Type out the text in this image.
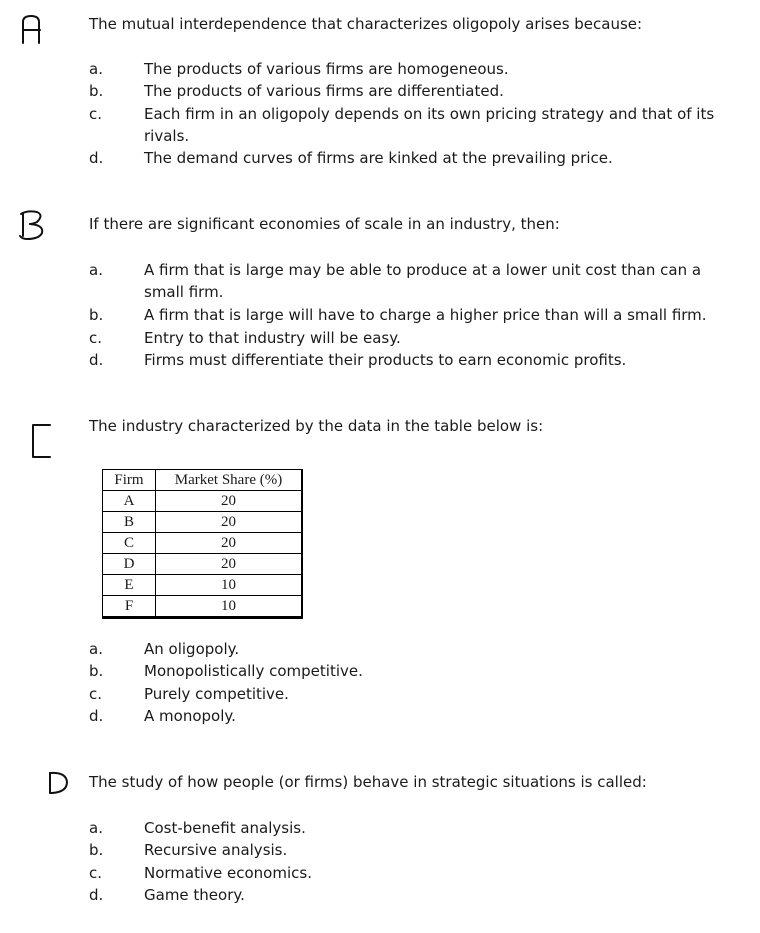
The mutual interdependence that characterizes oligopoly arises because:
a.	The products of various firms are homogeneous.
b.	The products of various firms are differentiated.
c.	Each firm in an oligopoly depends on its own pricing strategy and that of its rivals.
d.	The demand curves of firms are kinked at the prevailing price.
If there are significant economies of scale in an industry, then:
a.	A firm that is large may be able to produce at a lower unit cost than can a small firm.
b.	A firm that is large will have to charge a higher price than will a small firm.
c.	Entry to that industry will be easy.
d.	Firms must differentiate their products to earn economic profits.
The industry characterized by the data in the table below is:
Firm	Market Share (%)
A	20
B	20
C	20
D	20
E	10
F	10
a.	An oligopoly.
b.	Monopolistically competitive.
c.	Purely competitive.
d.	A monopoly.
The study of how people (or firms) behave in strategic situations is called:
a.	Cost-benefit analysis.
b.	Recursive analysis.
c.	Normative economics.
d.	Game theory.
